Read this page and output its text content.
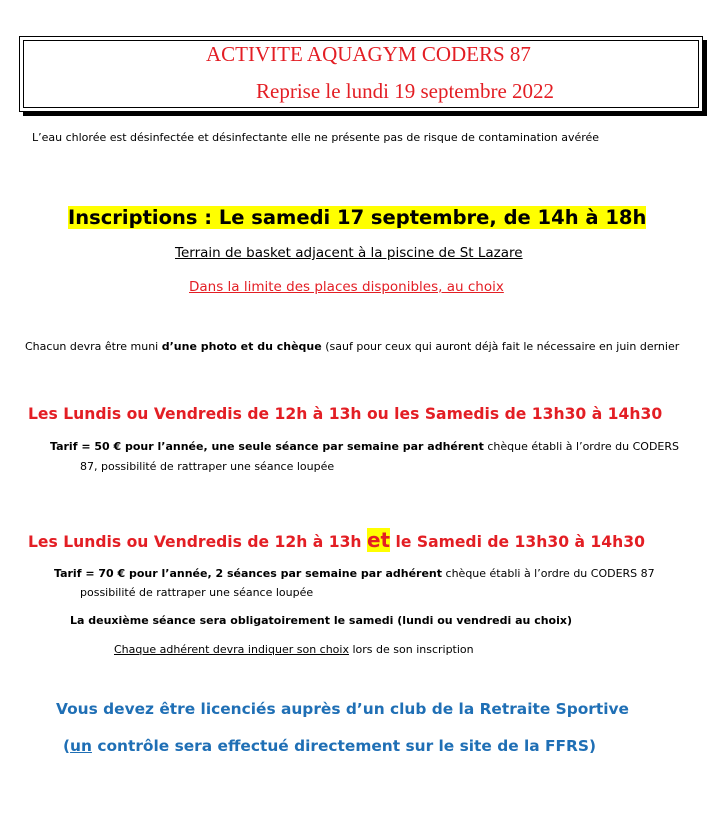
ACTIVITE AQUAGYM CODERS 87
Reprise le lundi 19 septembre 2022
L’eau chlorée est désinfectée et désinfectante elle ne présente pas de risque de contamination avérée
Inscriptions : Le samedi 17 septembre, de 14h à 18h
Terrain de basket adjacent à la piscine de St Lazare
Dans la limite des places disponibles, au choix
Chacun devra être muni d’une photo et du chèque (sauf pour ceux qui auront déjà fait le nécessaire en juin dernier
Les Lundis ou Vendredis de 12h à 13h ou les Samedis de 13h30 à 14h30
Tarif = 50 € pour l’année, une seule séance par semaine par adhérent chèque établi à l’ordre du CODERS
87, possibilité de rattraper une séance loupée
Les Lundis ou Vendredis de 12h à 13h et le Samedi de 13h30 à 14h30
Tarif = 70 € pour l’année, 2 séances par semaine par adhérent chèque établi à l’ordre du CODERS 87
possibilité de rattraper une séance loupée
La deuxième séance sera obligatoirement le samedi (lundi ou vendredi au choix)
Chaque adhérent devra indiquer son choix lors de son inscription
Vous devez être licenciés auprès d’un club de la Retraite Sportive
(un contrôle sera effectué directement sur le site de la FFRS)
